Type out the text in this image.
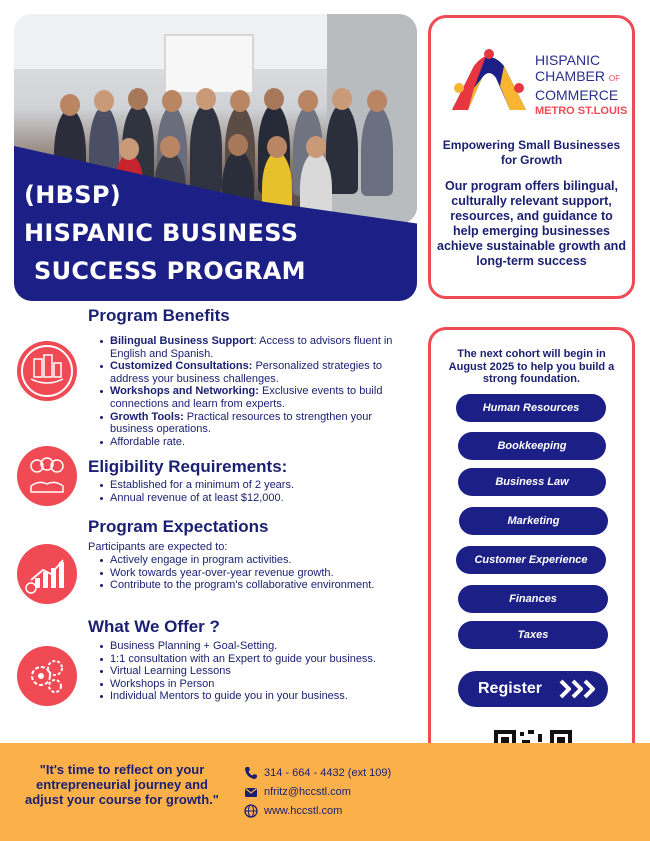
(HBSP)
HISPANIC BUSINESS
SUCCESS PROGRAM
HISPANIC
CHAMBER OF
COMMERCE
METRO ST.LOUIS
Empowering Small Businesses for Growth
Our program offers bilingual, culturally relevant support, resources, and guidance to help emerging businesses achieve sustainable growth and long-term success
Program Benefits
Bilingual Business Support: Access to advisors fluent in English and Spanish.
Customized Consultations: Personalized strategies to address your business challenges.
Workshops and Networking: Exclusive events to build connections and learn from experts.
Growth Tools: Practical resources to strengthen your business operations.
Affordable rate.
Eligibility Requirements:
Established for a minimum of 2 years.
Annual revenue of at least $12,000.
Program Expectations
Participants are expected to:
Actively engage in program activities.
Work towards year-over-year revenue growth.
Contribute to the program's collaborative environment.
What We Offer ?
Business Planning + Goal-Setting.
1:1 consultation with an Expert to guide your business.
Virtual Learning Lessons
Workshops in Person
Individual Mentors to guide you in your business.
The next cohort will begin in August 2025 to help you build a strong foundation.
Human Resources
Bookkeeping
Business Law
Marketing
Customer Experience
Finances
Taxes
Register
"It's time to reflect on your entrepreneurial journey and adjust your course for growth."
314 - 664 - 4432 (ext 109)
nfritz@hccstl.com
www.hccstl.com
